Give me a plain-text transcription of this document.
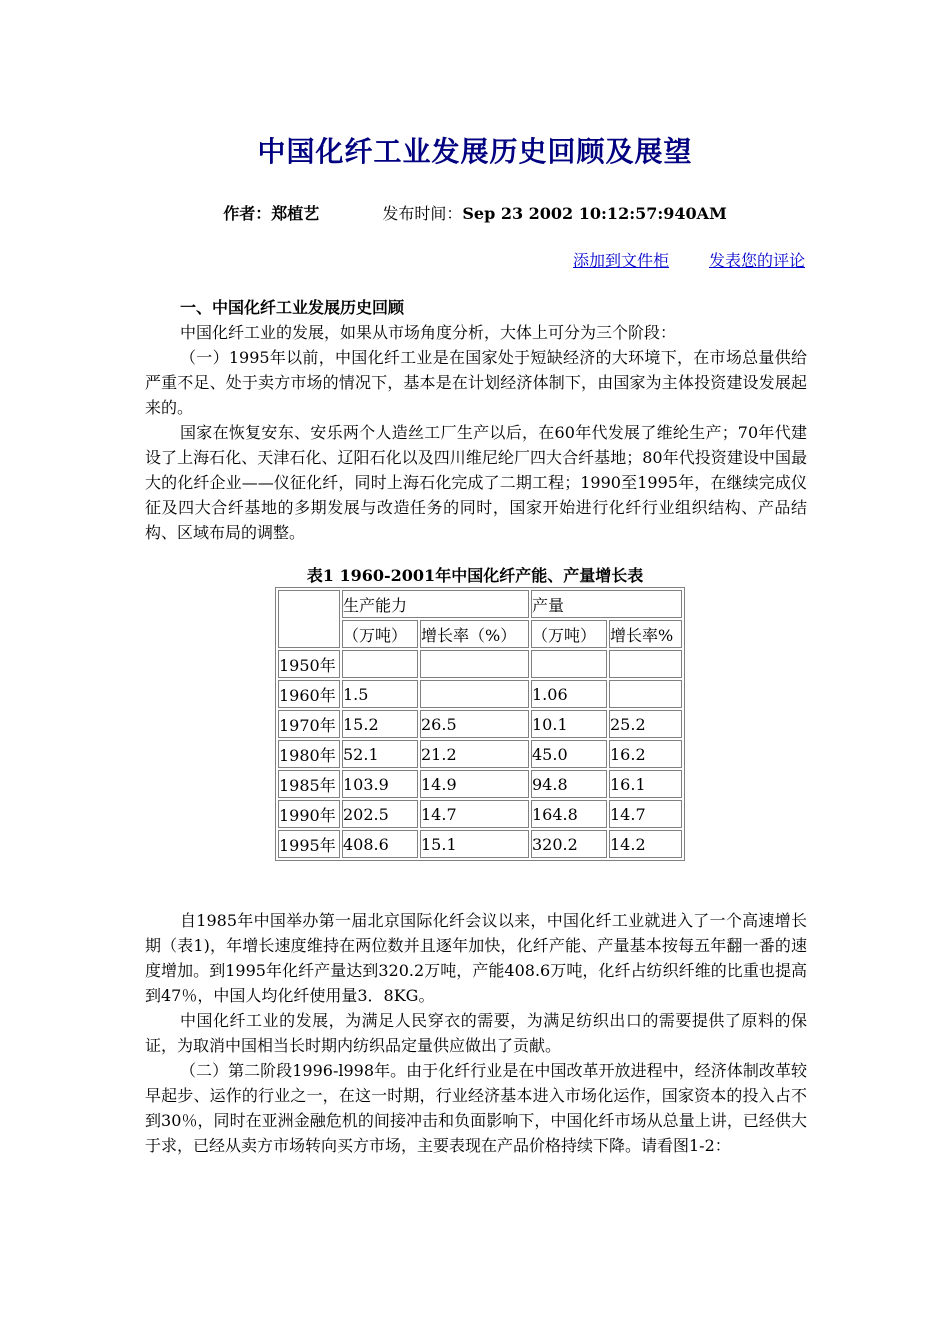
中国化纤工业发展历史回顾及展望
作者：郑植艺	发布时间：Sep 23 2002 10:12:57:940AM
添加到文件柜	发表您的评论

一、中国化纤工业发展历史回顾

中国化纤工业的发展，如果从市场角度分析，大体上可分为三个阶段：

（一）1995年以前，中国化纤工业是在国家处于短缺经济的大环境下，在市场总量供给严重不足、处于卖方市场的情况下，基本是在计划经济体制下，由国家为主体投资建设发展起来的。

国家在恢复安东、安乐两个人造丝工厂生产以后，在60年代发展了维纶生产；70年代建设了上海石化、天津石化、辽阳石化以及四川维尼纶厂四大合纤基地；80年代投资建设中国最大的化纤企业——仪征化纤，同时上海石化完成了二期工程；1990至1995年，在继续完成仪征及四大合纤基地的多期发展与改造任务的同时，国家开始进行化纤行业组织结构、产品结构、区域布局的调整。

表1 1960-2001年中国化纤产能、产量增长表
	生产能力		产量	
	（万吨）	增长率（%）	（万吨）	增长率%
1950年				
1960年	1.5		1.06	
1970年	15.2	26.5	10.1	25.2
1980年	52.1	21.2	45.0	16.2
1985年	103.9	14.9	94.8	16.1
1990年	202.5	14.7	164.8	14.7
1995年	408.6	15.1	320.2	14.2

自1985年中国举办第一届北京国际化纤会议以来，中国化纤工业就进入了一个高速增长期（表1)，年增长速度维持在两位数并且逐年加快，化纤产能、产量基本按每五年翻一番的速度增加。到1995年化纤产量达到320.2万吨，产能408.6万吨，化纤占纺织纤维的比重也提高到47％，中国人均化纤使用量3．8KG。

中国化纤工业的发展，为满足人民穿衣的需要，为满足纺织出口的需要提供了原料的保证，为取消中国相当长时期内纺织品定量供应做出了贡献。

（二）第二阶段1996-l998年。由于化纤行业是在中国改革开放进程中，经济体制改革较早起步、运作的行业之一，在这一时期，行业经济基本进入市场化运作，国家资本的投入占不到30％，同时在亚洲金融危机的间接冲击和负面影响下，中国化纤市场从总量上讲，已经供大于求，已经从卖方市场转向买方市场，主要表现在产品价格持续下降。请看图1-2：
